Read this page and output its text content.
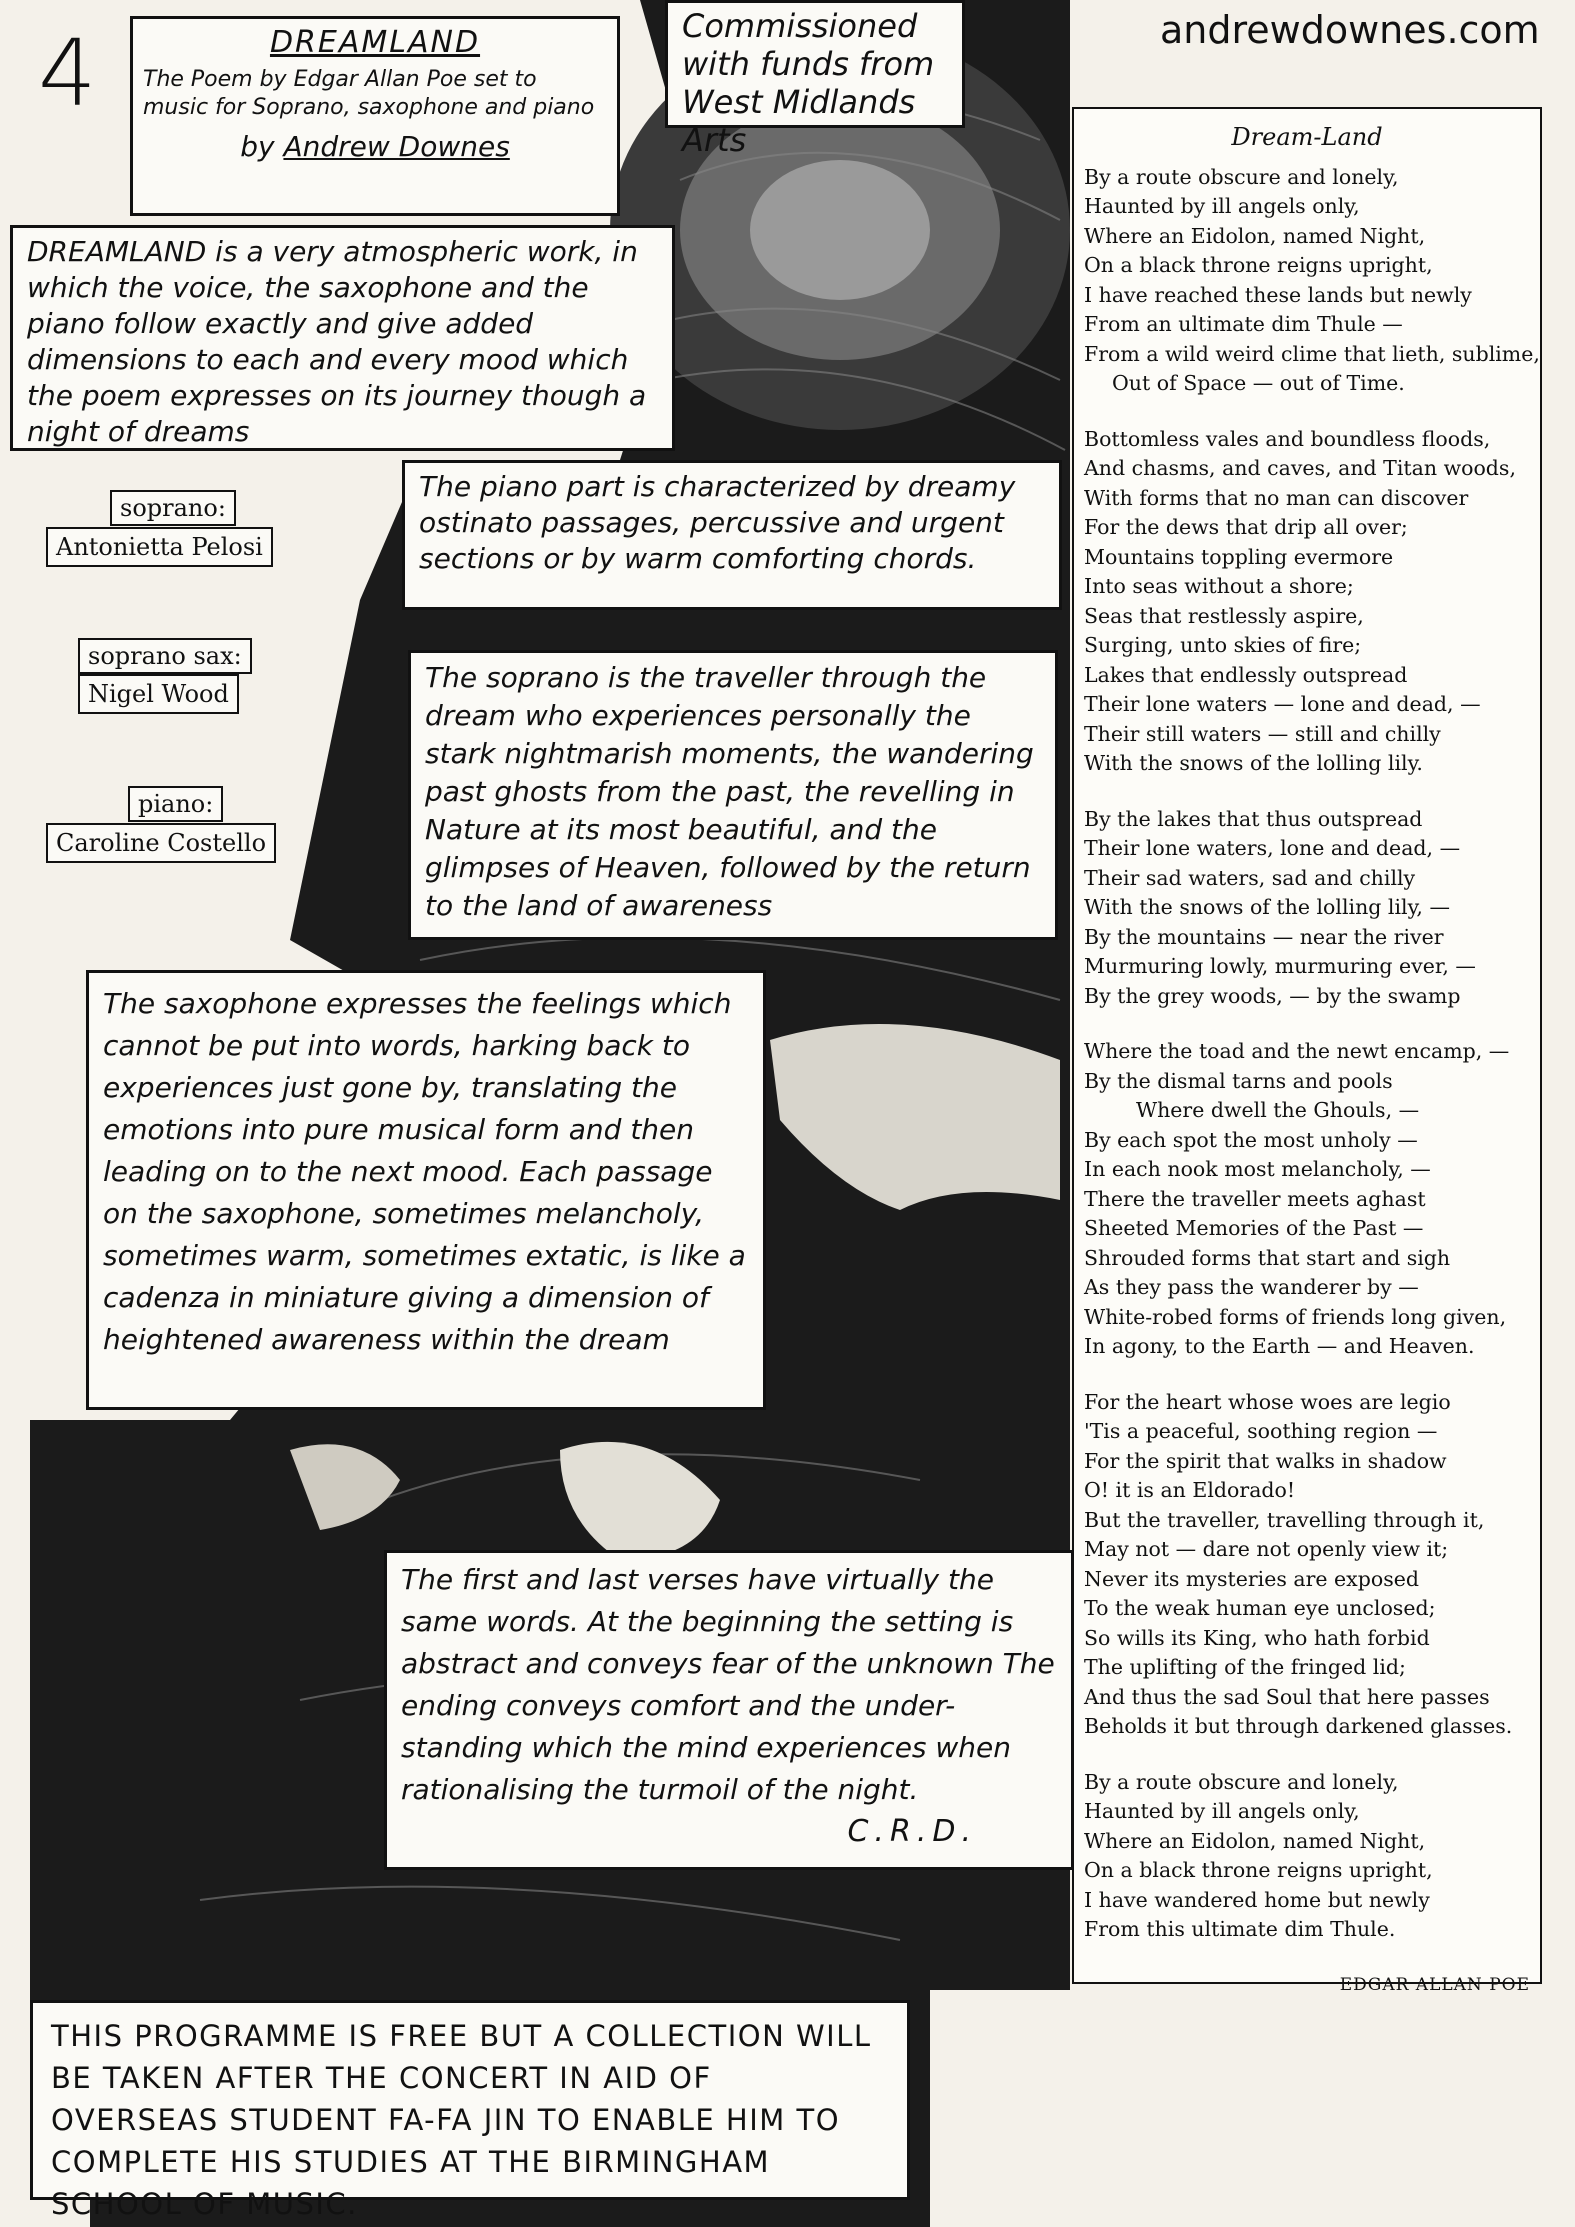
4	andrewdownes.com
DREAMLAND
The Poem by Edgar Allan Poe set to music for Soprano, saxophone and piano
by Andrew Downes
Commissioned with funds from West Midlands Arts
DREAMLAND is a very atmospheric work, in which the voice, the saxophone and the piano follow exactly and give added dimensions to each and every mood which the poem expresses on its journey though a night of dreams
The piano part is characterized by dreamy ostinato passages, percussive and urgent sections or by warm comforting chords.
The soprano is the traveller through the dream who experiences personally the stark nightmarish moments, the wandering past ghosts from the past, the revelling in Nature at its most beautiful, and the glimpses of Heaven, followed by the return to the land of awareness
The saxophone expresses the feelings which cannot be put into words, harking back to experiences just gone by, translating the emotions into pure musical form and then leading on to the next mood. Each passage on the saxophone, sometimes melancholy, sometimes warm, sometimes extatic, is like a cadenza in miniature giving a dimension of heightened awareness within the dream
The first and last verses have virtually the same words. At the beginning the setting is abstract and conveys fear of the unknown The ending conveys comfort and the under-standing which the mind experiences when rationalising the turmoil of the night.
C.R.D.
soprano:
Antonietta Pelosi
soprano sax:
Nigel Wood
piano:
Caroline Costello
Dream-Land
By a route obscure and lonely,
Haunted by ill angels only,
Where an Eidolon, named Night,
On a black throne reigns upright,
I have reached these lands but newly
From an ultimate dim Thule —
From a wild weird clime that lieth, sublime,
Out of Space — out of Time.
Bottomless vales and boundless floods,
And chasms, and caves, and Titan woods,
With forms that no man can discover
For the dews that drip all over;
Mountains toppling evermore
Into seas without a shore;
Seas that restlessly aspire,
Surging, unto skies of fire;
Lakes that endlessly outspread
Their lone waters — lone and dead, —
Their still waters — still and chilly
With the snows of the lolling lily.
By the lakes that thus outspread
Their lone waters, lone and dead, —
Their sad waters, sad and chilly
With the snows of the lolling lily, —
By the mountains — near the river
Murmuring lowly, murmuring ever, —
By the grey woods, — by the swamp
Where the toad and the newt encamp, —
By the dismal tarns and pools
Where dwell the Ghouls, —
By each spot the most unholy —
In each nook most melancholy, —
There the traveller meets aghast
Sheeted Memories of the Past —
Shrouded forms that start and sigh
As they pass the wanderer by —
White-robed forms of friends long given,
In agony, to the Earth — and Heaven.
For the heart whose woes are legio
'Tis a peaceful, soothing region —
For the spirit that walks in shadow
O! it is an Eldorado!
But the traveller, travelling through it,
May not — dare not openly view it;
Never its mysteries are exposed
To the weak human eye unclosed;
So wills its King, who hath forbid
The uplifting of the fringed lid;
And thus the sad Soul that here passes
Beholds it but through darkened glasses.
By a route obscure and lonely,
Haunted by ill angels only,
Where an Eidolon, named Night,
On a black throne reigns upright,
I have wandered home but newly
From this ultimate dim Thule.
EDGAR ALLAN POE
THIS PROGRAMME IS FREE BUT A COLLECTION WILL BE TAKEN AFTER THE CONCERT IN AID OF OVERSEAS STUDENT FA-FA JIN TO ENABLE HIM TO COMPLETE HIS STUDIES AT THE BIRMINGHAM SCHOOL OF MUSIC.
